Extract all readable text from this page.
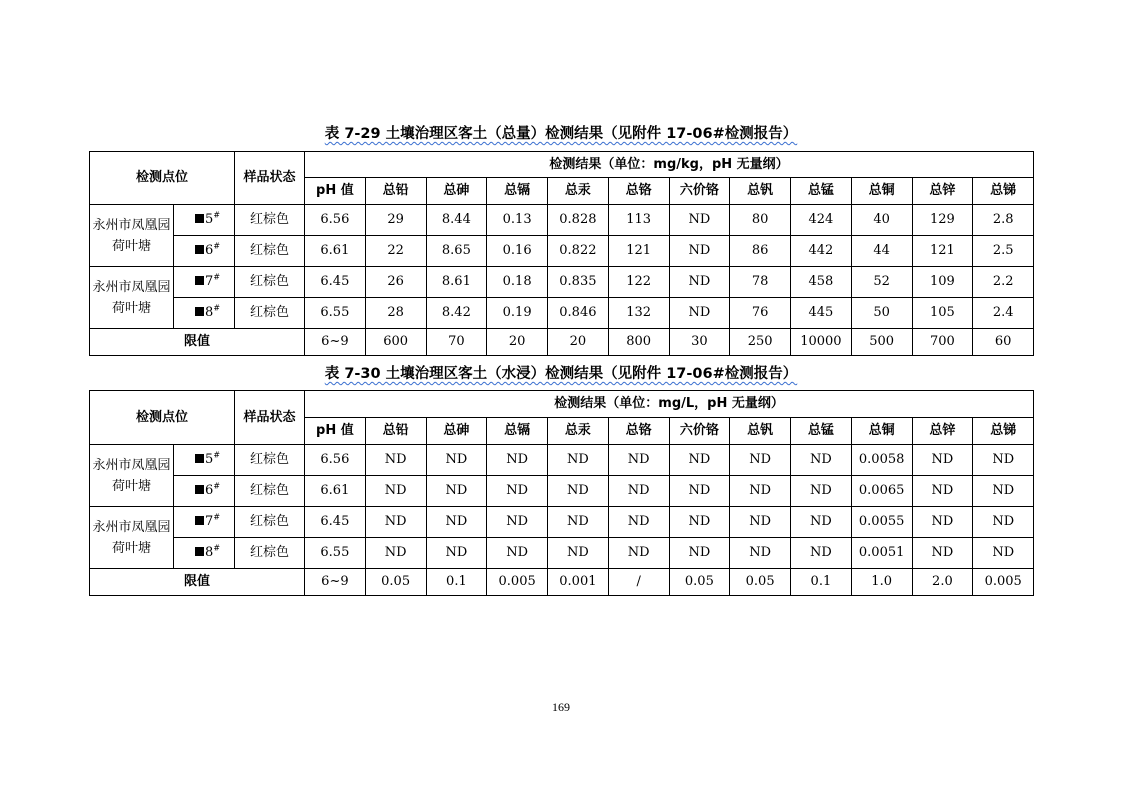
表 7-29 土壤治理区客土（总量）检测结果（见附件 17-06#检测报告）
检测点位		样品状态	检测结果（单位：mg/kg，pH 无量纲）											
			pH 值	总铅	总砷	总镉	总汞	总铬	六价铬	总钒	总锰	总铜	总锌	总锑
永州市凤凰园荷叶塘	5#	红棕色	6.56	29	8.44	0.13	0.828	113	ND	80	424	40	129	2.8
	6#	红棕色	6.61	22	8.65	0.16	0.822	121	ND	86	442	44	121	2.5
永州市凤凰园荷叶塘	7#	红棕色	6.45	26	8.61	0.18	0.835	122	ND	78	458	52	109	2.2
	8#	红棕色	6.55	28	8.42	0.19	0.846	132	ND	76	445	50	105	2.4
限值			6~9	600	70	20	20	800	30	250	10000	500	700	60
表 7-30 土壤治理区客土（水浸）检测结果（见附件 17-06#检测报告）
检测点位		样品状态	检测结果（单位：mg/L，pH 无量纲）											
			pH 值	总铅	总砷	总镉	总汞	总铬	六价铬	总钒	总锰	总铜	总锌	总锑
永州市凤凰园荷叶塘	5#	红棕色	6.56	ND	ND	ND	ND	ND	ND	ND	ND	0.0058	ND	ND
	6#	红棕色	6.61	ND	ND	ND	ND	ND	ND	ND	ND	0.0065	ND	ND
永州市凤凰园荷叶塘	7#	红棕色	6.45	ND	ND	ND	ND	ND	ND	ND	ND	0.0055	ND	ND
	8#	红棕色	6.55	ND	ND	ND	ND	ND	ND	ND	ND	0.0051	ND	ND
限值			6~9	0.05	0.1	0.005	0.001	/	0.05	0.05	0.1	1.0	2.0	0.005
169
